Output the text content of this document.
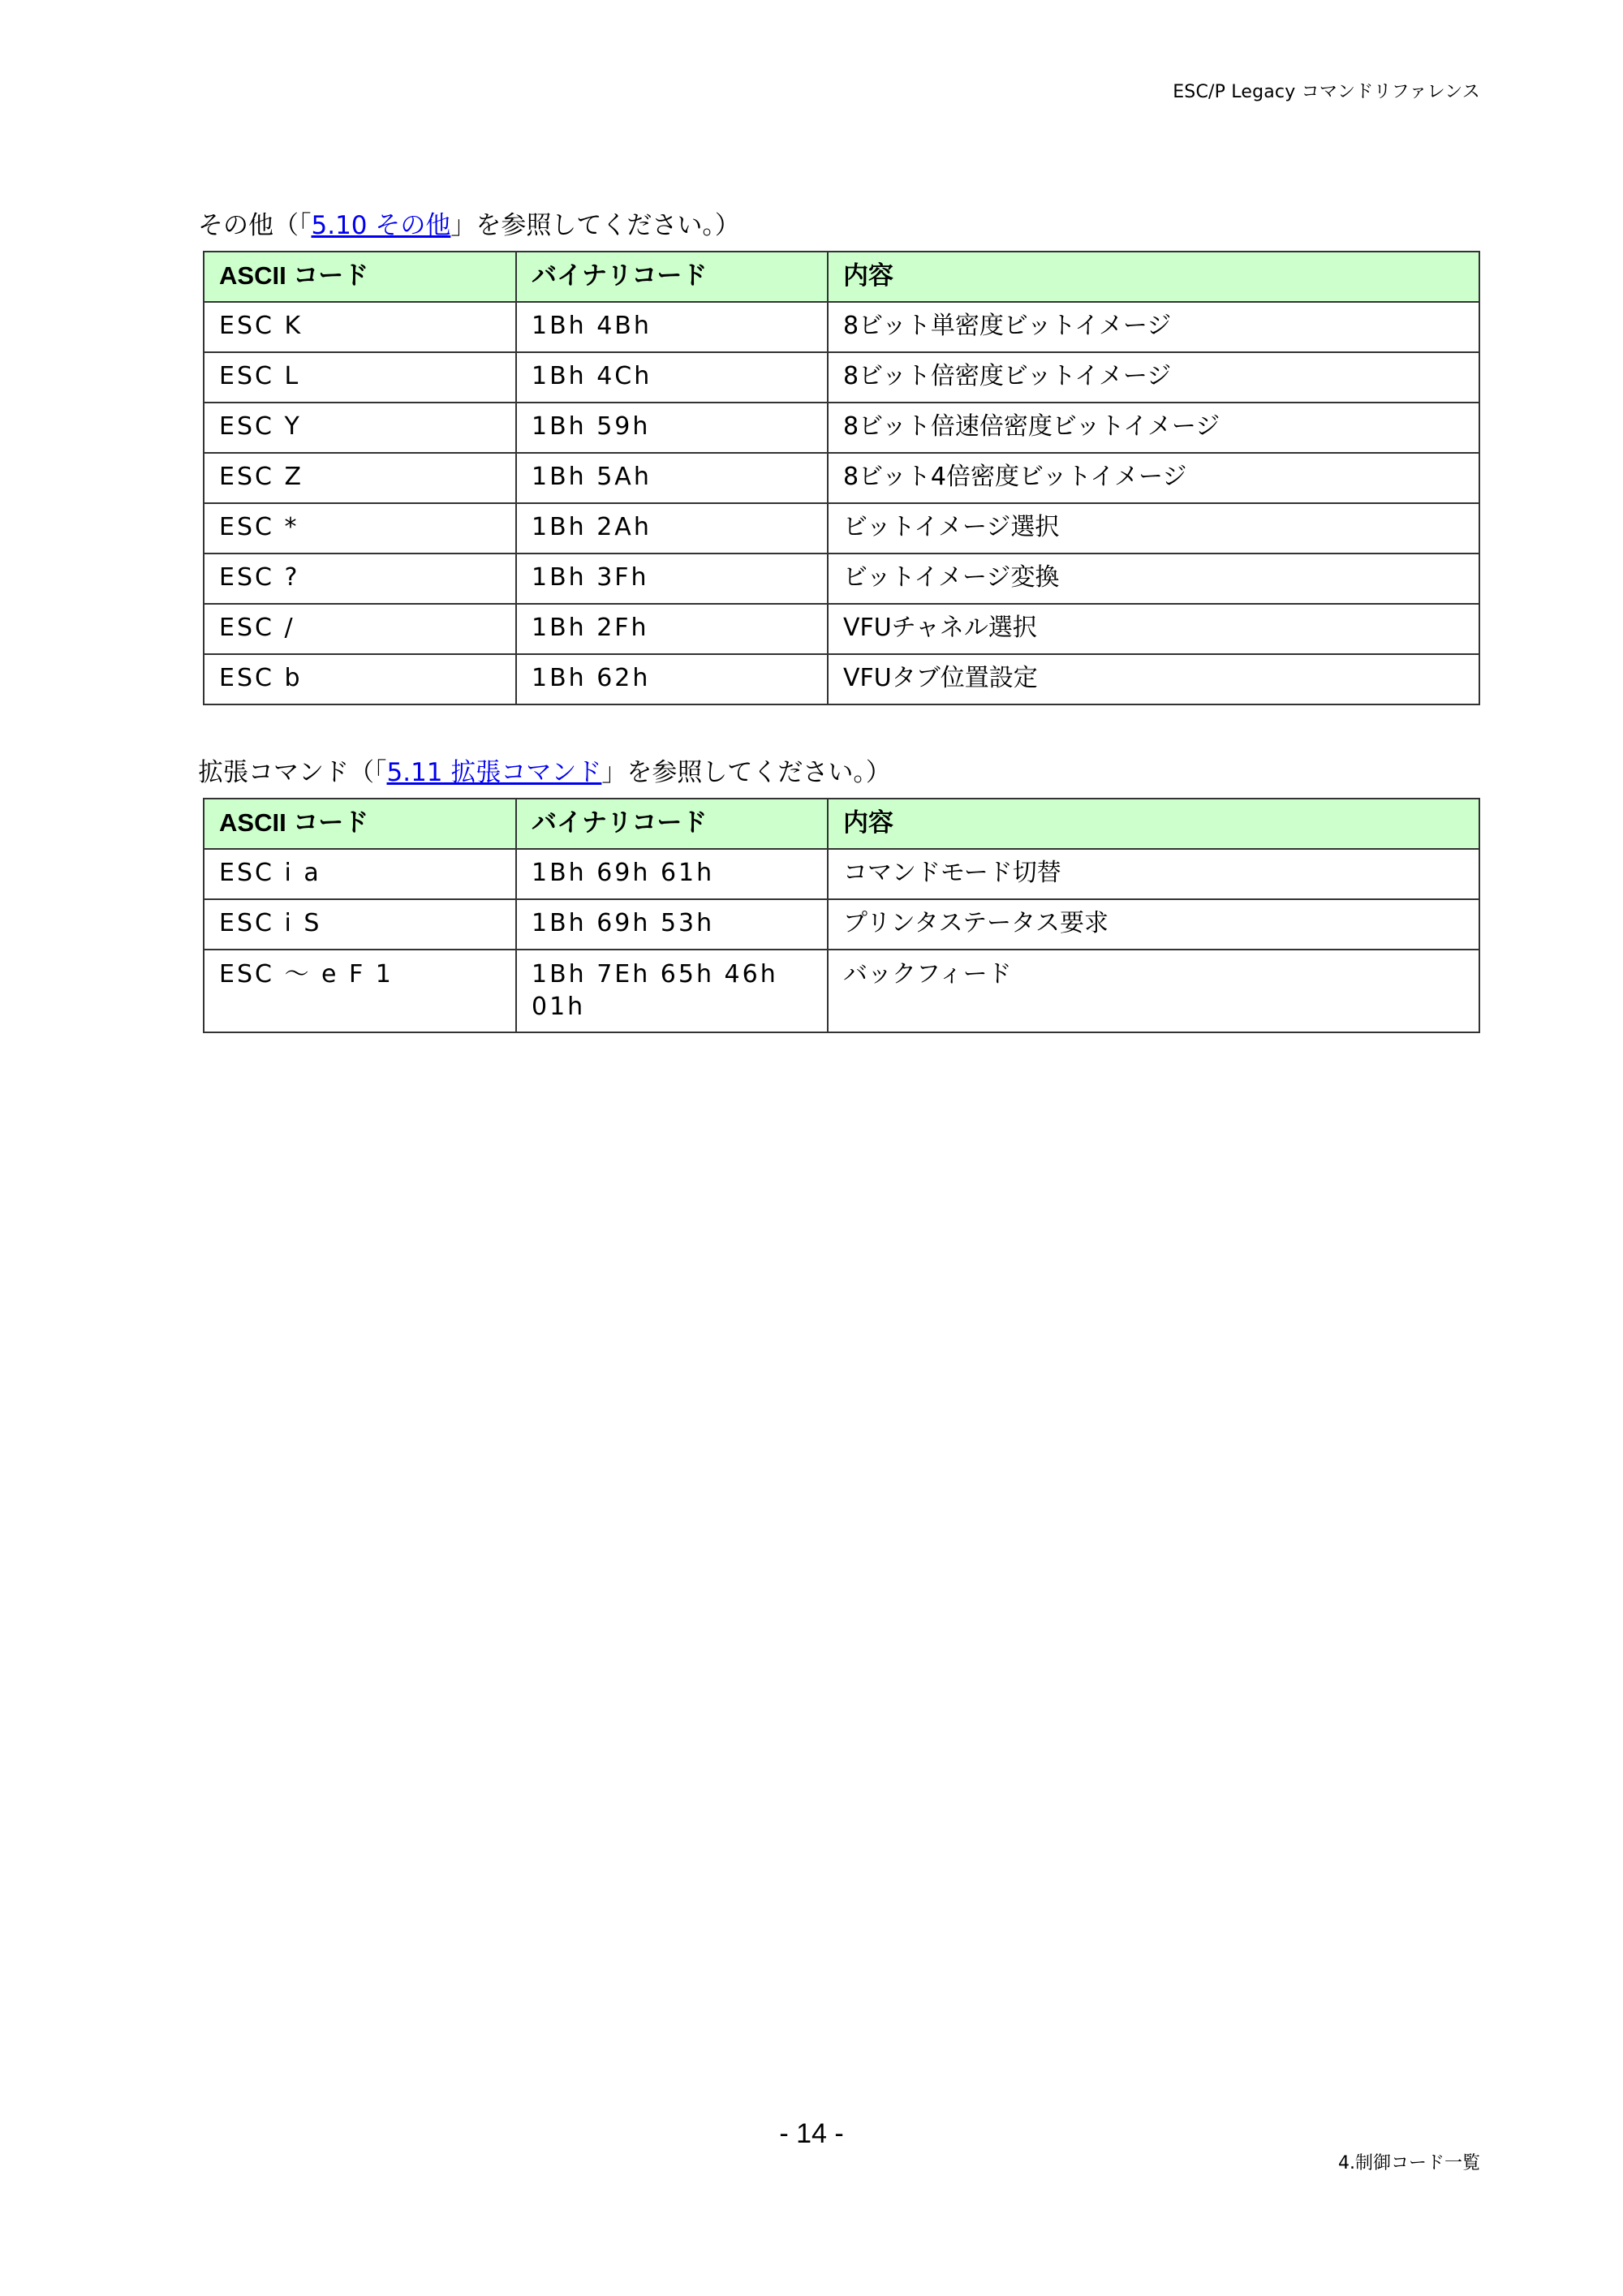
ESC/P Legacy コマンドリファレンス
その他（「5.10 その他」を参照してください。）
ASCII コード	バイナリコード	内容
ESC K	1Bh 4Bh	8ビット単密度ビットイメージ
ESC L	1Bh 4Ch	8ビット倍密度ビットイメージ
ESC Y	1Bh 59h	8ビット倍速倍密度ビットイメージ
ESC Z	1Bh 5Ah	8ビット4倍密度ビットイメージ
ESC *	1Bh 2Ah	ビットイメージ選択
ESC ?	1Bh 3Fh	ビットイメージ変換
ESC /	1Bh 2Fh	VFUチャネル選択
ESC b	1Bh 62h	VFUタブ位置設定
拡張コマンド（「5.11 拡張コマンド」を参照してください。）
ASCII コード	バイナリコード	内容
ESC i a	1Bh 69h 61h	コマンドモード切替
ESC i S	1Bh 69h 53h	プリンタステータス要求
ESC ～ e F 1	1Bh 7Eh 65h 46h 01h	バックフィード
- 14 -
4.制御コード一覧
